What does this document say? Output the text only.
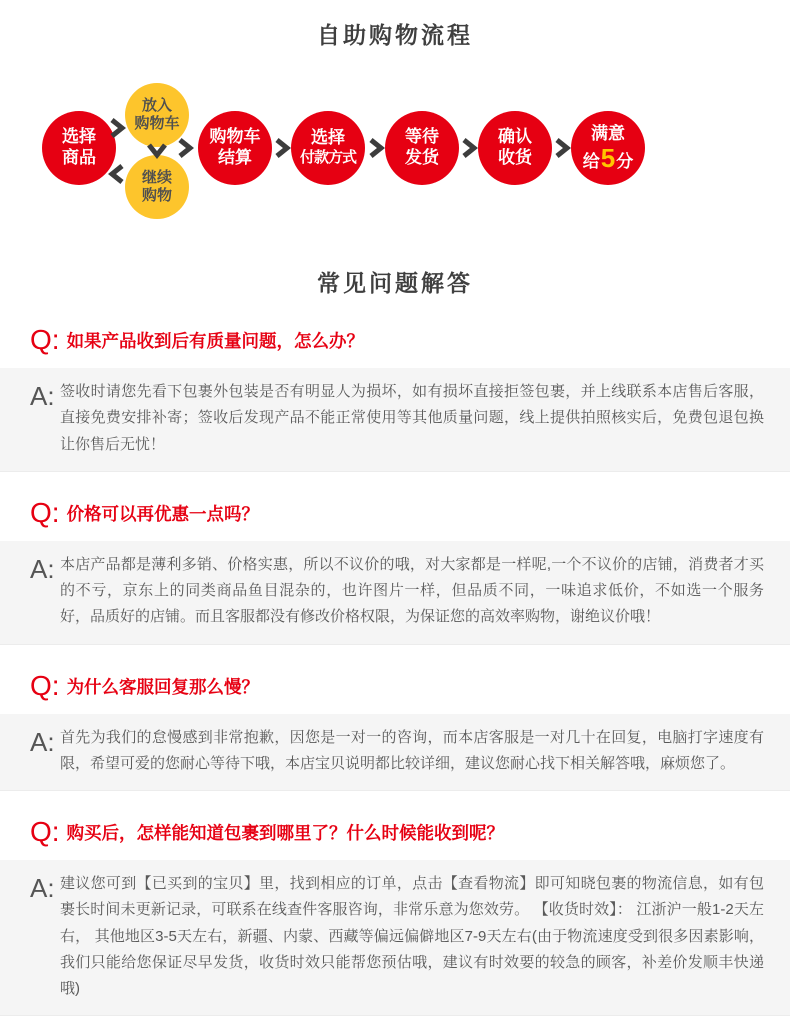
自助购物流程
选择
商品
放入
购物车
继续
购物
购物车
结算
选择
付款方式
等待
发货
确认
收货
满意
给5分
常见问题解答
Q: 如果产品收到后有质量问题，怎么办？
A: 签收时请您先看下包裹外包装是否有明显人为损坏，如有损坏直接拒签包裹，并上线联系本店售后客服，直接免费安排补寄；签收后发现产品不能正常使用等其他质量问题，线上提供拍照核实后，免费包退包换让你售后无忧！
Q: 价格可以再优惠一点吗？
A: 本店产品都是薄利多销、价格实惠，所以不议价的哦，对大家都是一样呢,一个不议价的店铺，消费者才买的不亏，京东上的同类商品鱼目混杂的，也许图片一样，但品质不同，一味追求低价，不如选一个服务好，品质好的店铺。而且客服都没有修改价格权限，为保证您的高效率购物，谢绝议价哦！
Q: 为什么客服回复那么慢？
A: 首先为我们的怠慢感到非常抱歉，因您是一对一的咨询，而本店客服是一对几十在回复，电脑打字速度有限，希望可爱的您耐心等待下哦，本店宝贝说明都比较详细，建议您耐心找下相关解答哦，麻烦您了。
Q: 购买后，怎样能知道包裹到哪里了？什么时候能收到呢？
A: 建议您可到【已买到的宝贝】里，找到相应的订单，点击【查看物流】即可知晓包裹的物流信息，如有包裹长时间未更新记录，可联系在线查件客服咨询，非常乐意为您效劳。 【收货时效】： 江浙沪一般1-2天左右， 其他地区3-5天左右，新疆、内蒙、西藏等偏远偏僻地区7-9天左右(由于物流速度受到很多因素影响， 我们只能给您保证尽早发货，收货时效只能帮您预估哦，建议有时效要的较急的顾客，补差价发顺丰快递哦)
